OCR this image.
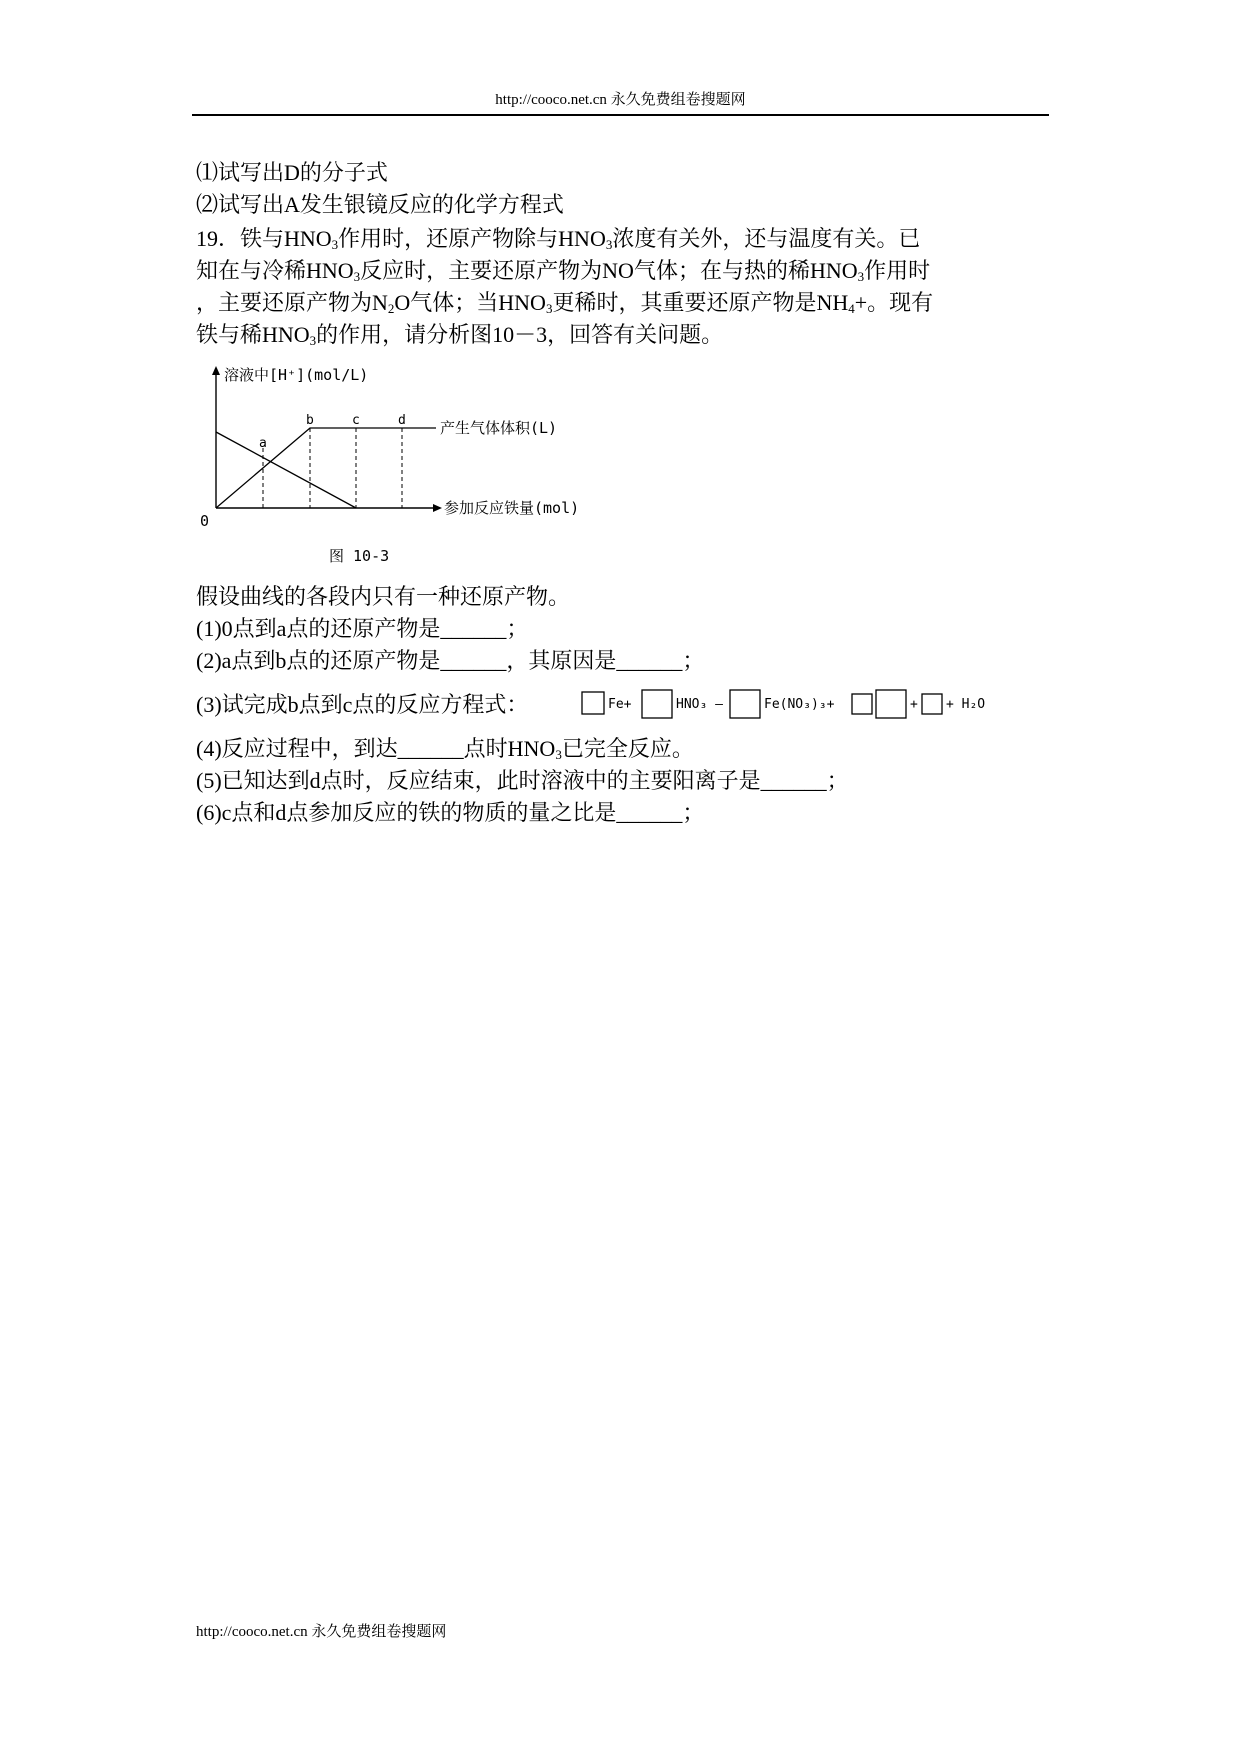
http://cooco.net.cn 永久免费组卷搜题网
⑴试写出D的分子式
⑵试写出A发生银镜反应的化学方程式
19．铁与$HNO_3$作用时，还原产物除与$HNO_3$浓度有关外，还与温度有关。已
知在与冷稀$HNO_3$反应时，主要还原产物为NO气体；在与热的稀$HNO_3$作用时
，主要还原产物为$N_2O$气体；当$HNO_3$更稀时，其重要还原产物是$NH_4+$。现有
铁与稀$HNO_3$的作用，请分析图10－3，回答有关问题。
溶液中[H⁺](mol/L)
0
参加反应铁量(mol)
产生气体体积(L)
a
b	c	d
图 10-3
假设曲线的各段内只有一种还原产物。
(1)0点到a点的还原产物是______；
(2)a点到b点的还原产物是______，其原因是______；
(3)试完成b点到c点的反应方程式：	Fe+	HNO₃ —	Fe(NO₃)₃+	+ + H₂O
(4)反应过程中，到达______点时$HNO_3$已完全反应。
(5)已知达到d点时，反应结束，此时溶液中的主要阳离子是______；
(6)c点和d点参加反应的铁的物质的量之比是______；
http://cooco.net.cn 永久免费组卷搜题网
